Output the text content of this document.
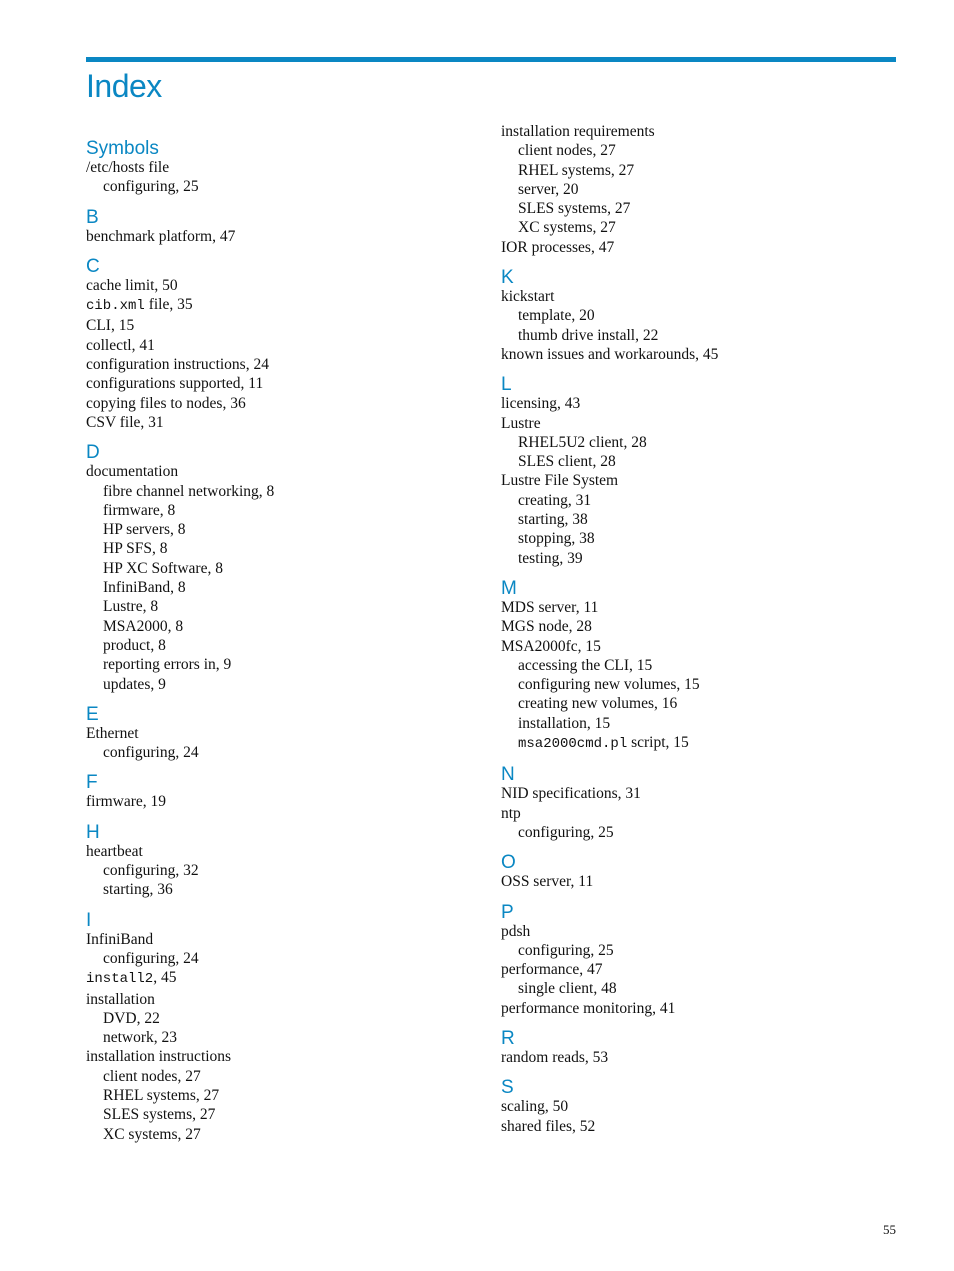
Index
Symbols
/etc/hosts file
configuring, 25
B
benchmark platform, 47
C
cache limit, 50
cib.xml file, 35
CLI, 15
collectl, 41
configuration instructions, 24
configurations supported, 11
copying files to nodes, 36
CSV file, 31
D
documentation
fibre channel networking, 8
firmware, 8
HP servers, 8
HP SFS, 8
HP XC Software, 8
InfiniBand, 8
Lustre, 8
MSA2000, 8
product, 8
reporting errors in, 9
updates, 9
E
Ethernet
configuring, 24
F
firmware, 19
H
heartbeat
configuring, 32
starting, 36
I
InfiniBand
configuring, 24
install2, 45
installation
DVD, 22
network, 23
installation instructions
client nodes, 27
RHEL systems, 27
SLES systems, 27
XC systems, 27
installation requirements
client nodes, 27
RHEL systems, 27
server, 20
SLES systems, 27
XC systems, 27
IOR processes, 47
K
kickstart
template, 20
thumb drive install, 22
known issues and workarounds, 45
L
licensing, 43
Lustre
RHEL5U2 client, 28
SLES client, 28
Lustre File System
creating, 31
starting, 38
stopping, 38
testing, 39
M
MDS server, 11
MGS node, 28
MSA2000fc, 15
accessing the CLI, 15
configuring new volumes, 15
creating new volumes, 16
installation, 15
msa2000cmd.pl script, 15
N
NID specifications, 31
ntp
configuring, 25
O
OSS server, 11
P
pdsh
configuring, 25
performance, 47
single client, 48
performance monitoring, 41
R
random reads, 53
S
scaling, 50
shared files, 52
55
